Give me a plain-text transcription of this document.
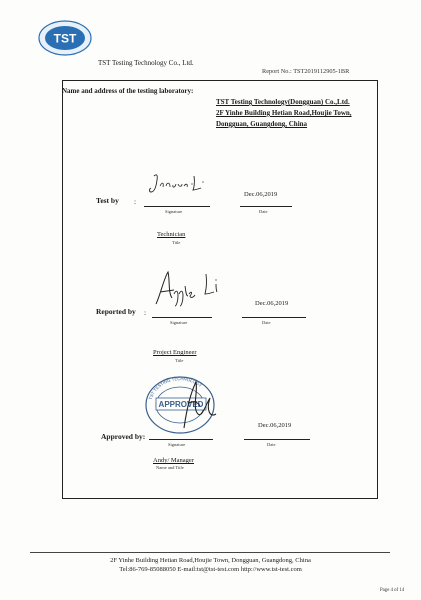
TST
TST Testing Technology Co., Ltd.
Report No.: TST2019112905-1BR
Name and address of the testing laboratory:
TST Testing Technology(Dongguan) Co.,Ltd.
2F Yinhe Building Hetian Road,Houjie Town,
Dongguan, Guangdong, China
Test by :
Signature
Dec.06,2019
Date
Technician
Title
Reported by :
Signature
Dec.06,2019
Date
Project Engineer
Title
TST TESTING TECHNOLOGY
APPROVED
Approved by:
Signature
Dec.06,2019
Date
Andy/ Manager
Name and Title
2F Yinhe Building Hetian Road,Houjie Town, Dongguan, Guangdong, China
Tel:86-769-85088050 E-mail:tst@tst-test.com http://www.tst-test.com
Page 4 of 14
